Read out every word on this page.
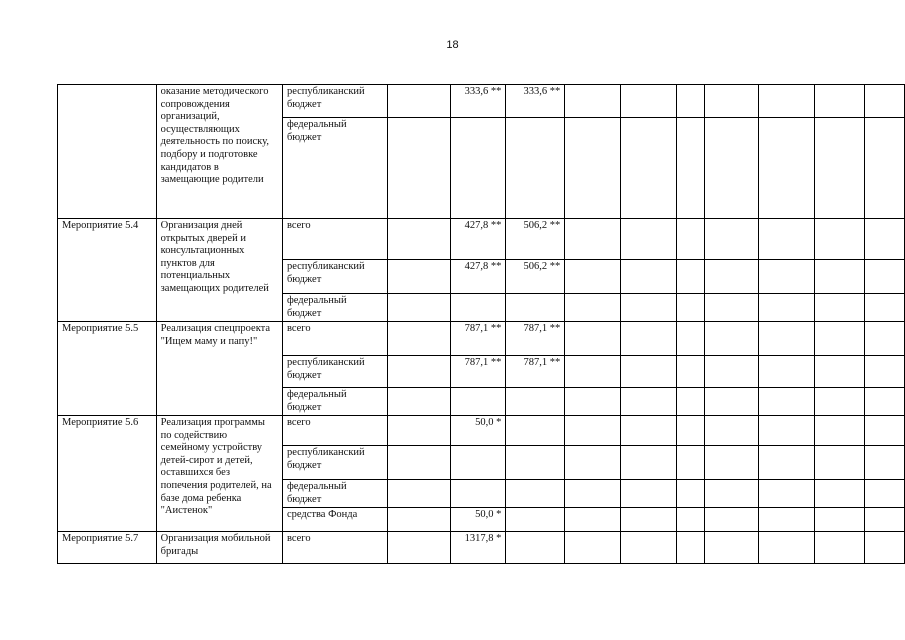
18
	оказание методического сопровождения организаций, осуществляющих деятельность по поиску, подбору и подготовке кандидатов в замещающие родители	республиканский бюджет		333,6 **	333,6 **							
		федеральный бюджет										
Мероприятие 5.4	Организация дней открытых дверей и консультационных пунктов для потенциальных замещающих родителей	всего		427,8 **	506,2 **							
		республиканский бюджет		427,8 **	506,2 **							
		федеральный бюджет										
Мероприятие 5.5	Реализация спецпроекта "Ищем маму и папу!"	всего		787,1 **	787,1 **							
		республиканский бюджет		787,1 **	787,1 **							
		федеральный бюджет										
Мероприятие 5.6	Реализация программы по содействию семейному устройству детей-сирот и детей, оставшихся без попечения родителей, на базе дома ребенка "Аистенок"	всего		50,0 *								
		республиканский бюджет										
		федеральный бюджет										
		средства Фонда		50,0 *								
Мероприятие 5.7	Организация мобильной бригады	всего		1317,8 *								
